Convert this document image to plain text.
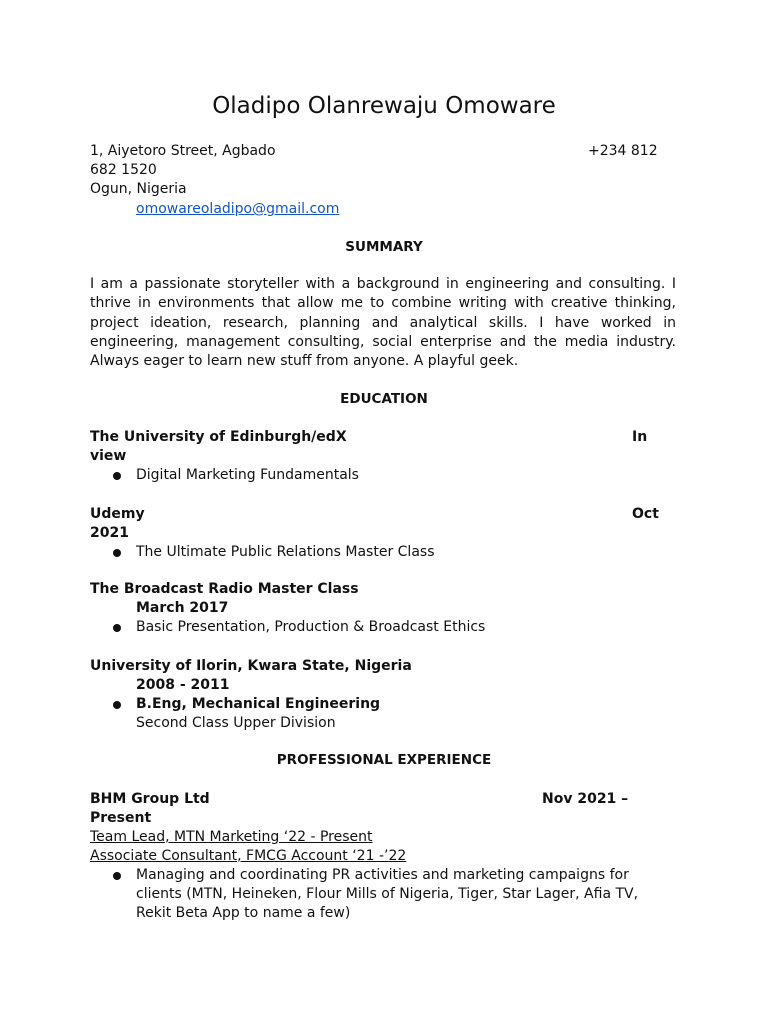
Oladipo Olanrewaju Omoware
1, Aiyetoro Street, Agbado	+234 812
682 1520
Ogun, Nigeria
omowareoladipo@gmail.com
SUMMARY
I am a passionate storyteller with a background in engineering and consulting. I thrive in environments that allow me to combine writing with creative thinking, project ideation, research, planning and analytical skills. I have worked in engineering, management consulting, social enterprise and the media industry. Always eager to learn new stuff from anyone. A playful geek.
EDUCATION
The University of Edinburgh/edX	In
view
Digital Marketing Fundamentals
Udemy	Oct
2021
The Ultimate Public Relations Master Class
The Broadcast Radio Master Class
March 2017
Basic Presentation, Production & Broadcast Ethics
University of Ilorin, Kwara State, Nigeria
2008 - 2011
B.Eng, Mechanical Engineering
Second Class Upper Division
PROFESSIONAL EXPERIENCE
BHM Group Ltd	Nov 2021 –
Present
Team Lead, MTN Marketing ‘22 - Present
Associate Consultant, FMCG Account ‘21 -’22
Managing and coordinating PR activities and marketing campaigns for clients (MTN, Heineken, Flour Mills of Nigeria, Tiger, Star Lager, Afia TV, Rekit Beta App to name a few)
